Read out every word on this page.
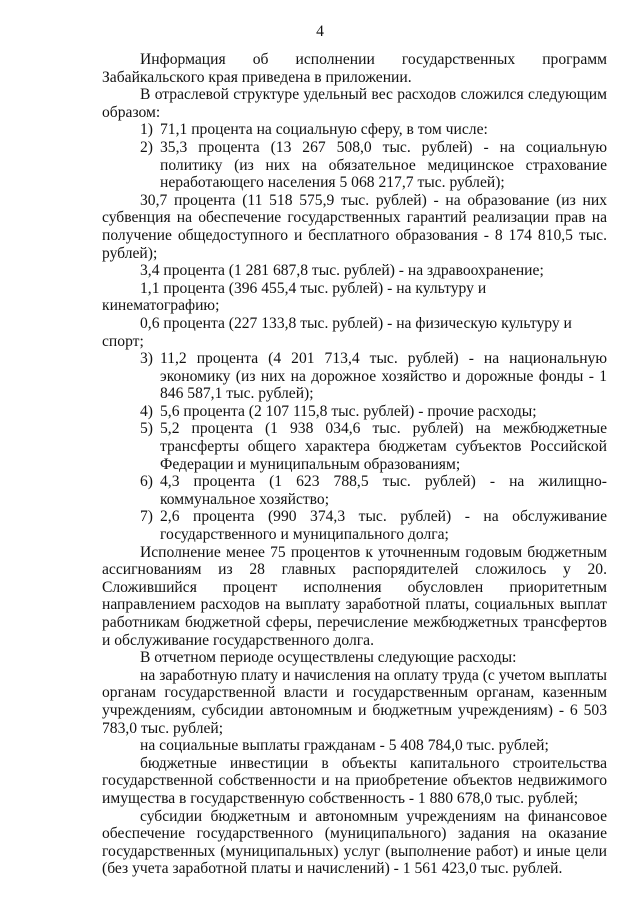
4
Информация об исполнении государственных программ Забайкальского края приведена в приложении.
В отраслевой структуре удельный вес расходов сложился следующим образом:
1) 71,1 процента на социальную сферу, в том числе:
2) 35,3 процента (13 267 508,0 тыс. рублей) - на социальную политику (из них на обязательное медицинское страхование неработающего населения 5 068 217,7 тыс. рублей);
30,7 процента (11 518 575,9 тыс. рублей) - на образование (из них субвенция на обеспечение государственных гарантий реализации прав на получение общедоступного и бесплатного образования - 8 174 810,5 тыс. рублей);
3,4 процента (1 281 687,8 тыс. рублей) - на здравоохранение;
1,1 процента (396 455,4 тыс. рублей) - на культуру и кинематографию;
0,6 процента (227 133,8 тыс. рублей) - на физическую культуру и спорт;
3) 11,2 процента (4 201 713,4 тыс. рублей) - на национальную экономику (из них на дорожное хозяйство и дорожные фонды - 1 846 587,1 тыс. рублей);
4) 5,6 процента (2 107 115,8 тыс. рублей) - прочие расходы;
5) 5,2 процента (1 938 034,6 тыс. рублей) на межбюджетные трансферты общего характера бюджетам субъектов Российской Федерации и муниципальным образованиям;
6) 4,3 процента (1 623 788,5 тыс. рублей) - на жилищно-коммунальное хозяйство;
7) 2,6 процента (990 374,3 тыс. рублей) - на обслуживание государственного и муниципального долга;
Исполнение менее 75 процентов к уточненным годовым бюджетным ассигнованиям из 28 главных распорядителей сложилось у 20. Сложившийся процент исполнения обусловлен приоритетным направлением расходов на выплату заработной платы, социальных выплат работникам бюджетной сферы, перечисление межбюджетных трансфертов и обслуживание государственного долга.
В отчетном периоде осуществлены следующие расходы:
на заработную плату и начисления на оплату труда (с учетом выплаты органам государственной власти и государственным органам, казенным учреждениям, субсидии автономным и бюджетным учреждениям) - 6 503 783,0 тыс. рублей;
на социальные выплаты гражданам - 5 408 784,0 тыс. рублей;
бюджетные инвестиции в объекты капитального строительства государственной собственности и на приобретение объектов недвижимого имущества в государственную собственность - 1 880 678,0 тыс. рублей;
субсидии бюджетным и автономным учреждениям на финансовое обеспечение государственного (муниципального) задания на оказание государственных (муниципальных) услуг (выполнение работ) и иные цели (без учета заработной платы и начислений) - 1 561 423,0 тыс. рублей.
